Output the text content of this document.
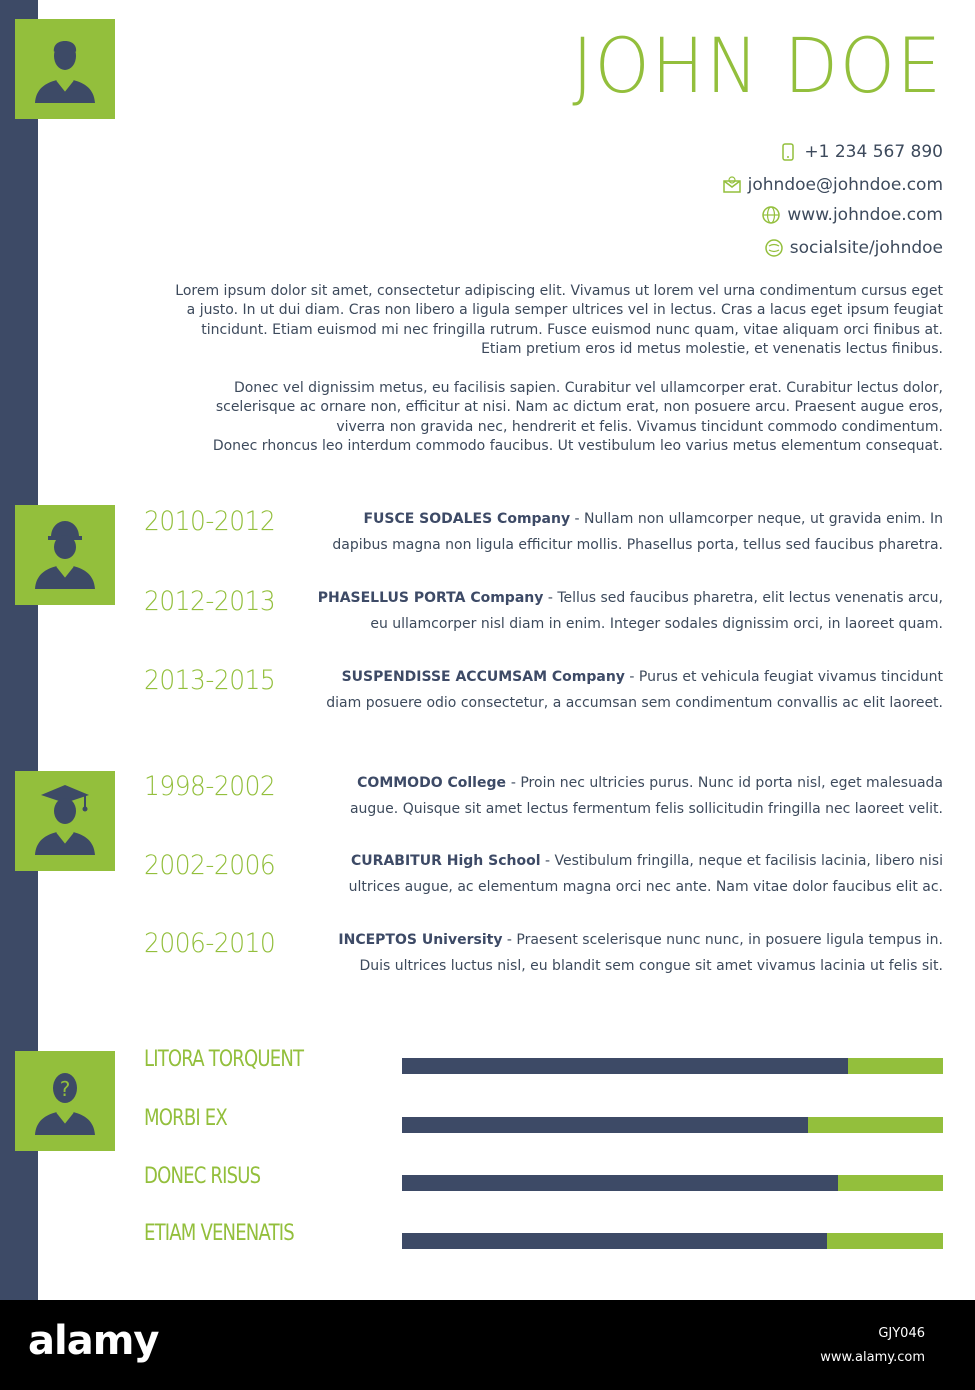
?
JOHN DOE
+1 234 567 890
johndoe@johndoe.com
www.johndoe.com
socialsite/johndoe
Lorem ipsum dolor sit amet, consectetur adipiscing elit. Vivamus ut lorem vel urna condimentum cursus eget
a justo. In ut dui diam. Cras non libero a ligula semper ultrices vel in lectus. Cras a lacus eget ipsum feugiat
tincidunt. Etiam euismod mi nec fringilla rutrum. Fusce euismod nunc quam, vitae aliquam orci finibus at.
Etiam pretium eros id metus molestie, et venenatis lectus finibus.
Donec vel dignissim metus, eu facilisis sapien. Curabitur vel ullamcorper erat. Curabitur lectus dolor,
scelerisque ac ornare non, efficitur at nisi. Nam ac dictum erat, non posuere arcu. Praesent augue eros,
viverra non gravida nec, hendrerit et felis. Vivamus tincidunt commodo condimentum.
Donec rhoncus leo interdum commodo faucibus. Ut vestibulum leo varius metus elementum consequat.
2010-2012	FUSCE SODALES Company - Nullam non ullamcorper neque, ut gravida enim. In
dapibus magna non ligula efficitur mollis. Phasellus porta, tellus sed faucibus pharetra.
2012-2013	PHASELLUS PORTA Company - Tellus sed faucibus pharetra, elit lectus venenatis arcu,
eu ullamcorper nisl diam in enim. Integer sodales dignissim orci, in laoreet quam.
2013-2015	SUSPENDISSE ACCUMSAM Company - Purus et vehicula feugiat vivamus tincidunt
diam posuere odio consectetur, a accumsan sem condimentum convallis ac elit laoreet.
1998-2002	COMMODO College - Proin nec ultricies purus. Nunc id porta nisl, eget malesuada
augue. Quisque sit amet lectus fermentum felis sollicitudin fringilla nec laoreet velit.
2002-2006	CURABITUR High School - Vestibulum fringilla, neque et facilisis lacinia, libero nisi
ultrices augue, ac elementum magna orci nec ante. Nam vitae dolor faucibus elit ac.
2006-2010	INCEPTOS University - Praesent scelerisque nunc nunc, in posuere ligula tempus in.
Duis ultrices luctus nisl, eu blandit sem congue sit amet vivamus lacinia ut felis sit.
LITORA TORQUENT
MORBI EX
DONEC RISUS
ETIAM VENENATIS
alamy	GJY046
www.alamy.com
